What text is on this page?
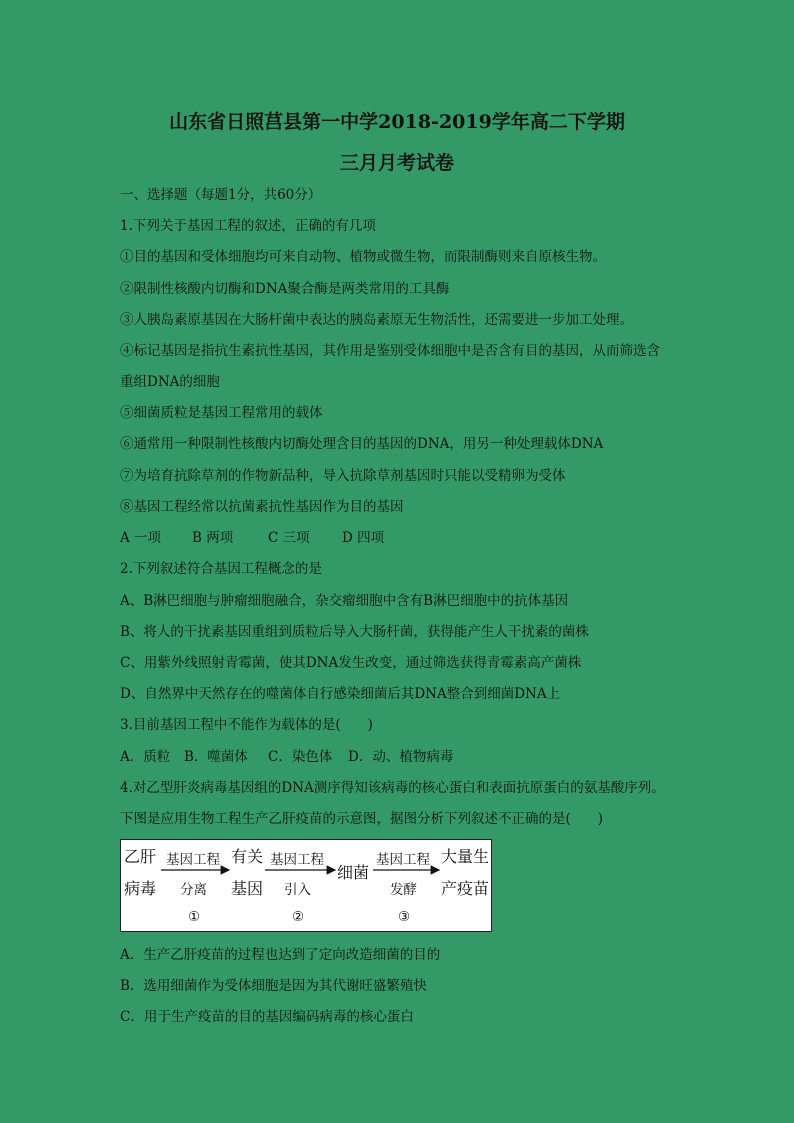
山东省日照莒县第一中学2018-2019学年高二下学期
三月月考试卷
一、选择题（每题1分，共60分）
1.下列关于基因工程的叙述，正确的有几项
①目的基因和受体细胞均可来自动物、植物或微生物，而限制酶则来自原核生物。
②限制性核酸内切酶和DNA聚合酶是两类常用的工具酶
③人胰岛素原基因在大肠杆菌中表达的胰岛素原无生物活性，还需要进一步加工处理。
④标记基因是指抗生素抗性基因，其作用是鉴别受体细胞中是否含有目的基因，从而筛选含
重组DNA的细胞
⑤细菌质粒是基因工程常用的载体
⑥通常用一种限制性核酸内切酶处理含目的基因的DNA，用另一种处理载体DNA
⑦为培育抗除草剂的作物新品种，导入抗除草剂基因时只能以受精卵为受体
⑧基因工程经常以抗菌素抗性基因作为目的基因
A 一项 B 两项	C 三项 D 四项
2.下列叙述符合基因工程概念的是
A、B淋巴细胞与肿瘤细胞融合，杂交瘤细胞中含有B淋巴细胞中的抗体基因
B、将人的干扰素基因重组到质粒后导入大肠杆菌，获得能产生人干扰素的菌株
C、用紫外线照射青霉菌，使其DNA发生改变，通过筛选获得青霉素高产菌株
D、自然界中天然存在的噬菌体自行感染细菌后其DNA整合到细菌DNA上
3.目前基因工程中不能作为载体的是(　　)
A．质粒 B．噬菌体 C．染色体 D．动、植物病毒
4.对乙型肝炎病毒基因组的DNA测序得知该病毒的核心蛋白和表面抗原蛋白的氨基酸序列。
下图是应用生物工程生产乙肝疫苗的示意图，据图分析下列叙述不正确的是(　　)
乙肝
病毒
基因工程
分离
①
有关
基因
基因工程
引入
②
细菌
基因工程
发酵
③
大量生
产疫苗
A．生产乙肝疫苗的过程也达到了定向改造细菌的目的
B．选用细菌作为受体细胞是因为其代谢旺盛繁殖快
C．用于生产疫苗的目的基因编码病毒的核心蛋白
